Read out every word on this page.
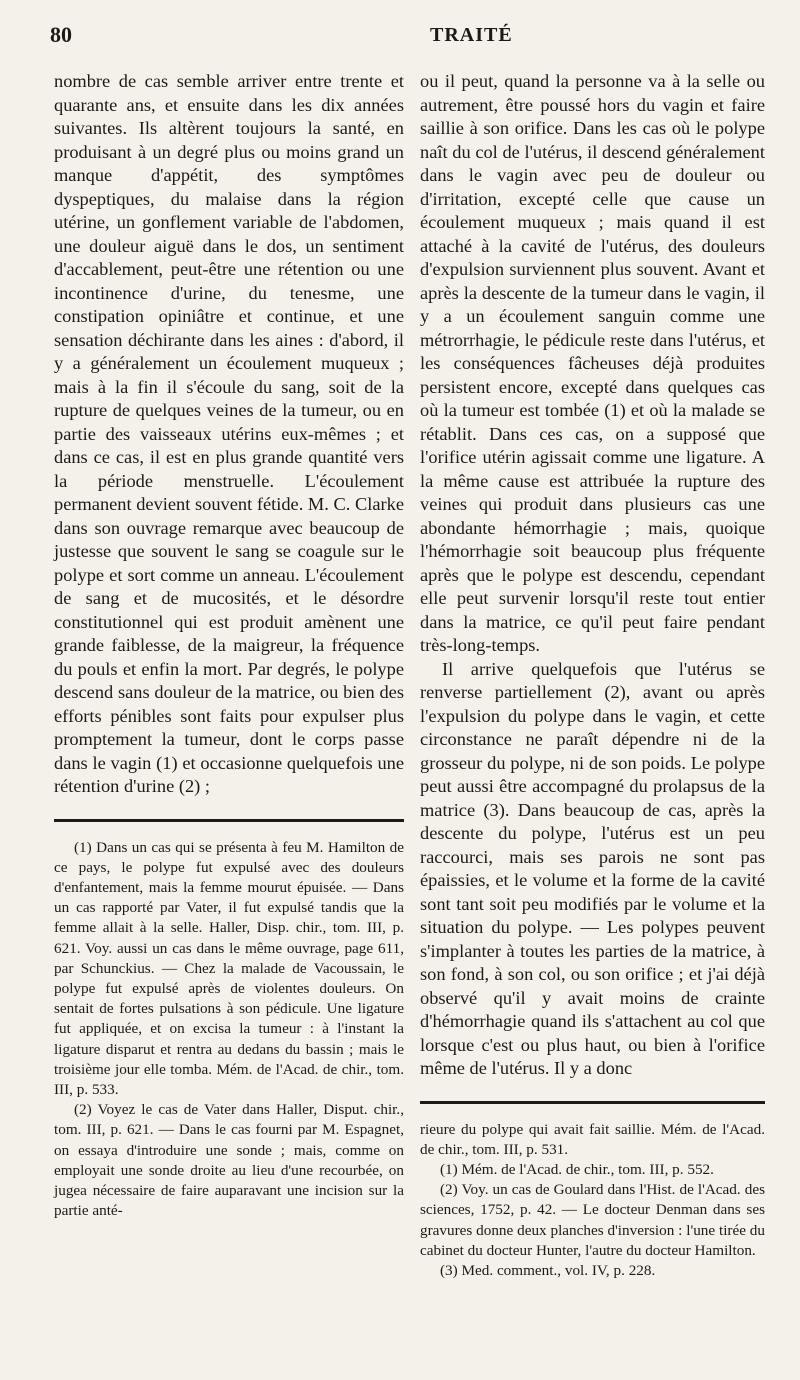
80	TRAITÉ

nombre de cas semble arriver entre trente et quarante ans, et ensuite dans les dix années suivantes. Ils altèrent toujours la santé, en produisant à un degré plus ou moins grand un manque d'appétit, des symptômes dyspeptiques, du malaise dans la région utérine, un gonflement variable de l'abdomen, une douleur aiguë dans le dos, un sentiment d'accablement, peut-être une rétention ou une incontinence d'urine, du tenesme, une constipation opiniâtre et continue, et une sensation déchirante dans les aines : d'abord, il y a généralement un écoulement muqueux ; mais à la fin il s'écoule du sang, soit de la rupture de quelques veines de la tumeur, ou en partie des vaisseaux utérins eux-mêmes ; et dans ce cas, il est en plus grande quantité vers la période menstruelle. L'écoulement permanent devient souvent fétide. M. C. Clarke dans son ouvrage remarque avec beaucoup de justesse que souvent le sang se coagule sur le polype et sort comme un anneau. L'écoulement de sang et de mucosités, et le désordre constitutionnel qui est produit amènent une grande faiblesse, de la maigreur, la fréquence du pouls et enfin la mort. Par degrés, le polype descend sans douleur de la matrice, ou bien des efforts pénibles sont faits pour expulser plus promptement la tumeur, dont le corps passe dans le vagin (1) et occasionne quelquefois une rétention d'urine (2) ;

(1) Dans un cas qui se présenta à feu M. Hamilton de ce pays, le polype fut expulsé avec des douleurs d'enfantement, mais la femme mourut épuisée. — Dans un cas rapporté par Vater, il fut expulsé tandis que la femme allait à la selle. Haller, Disp. chir., tom. III, p. 621. Voy. aussi un cas dans le même ouvrage, page 611, par Schunckius. — Chez la malade de Vacoussain, le polype fut expulsé après de violentes douleurs. On sentait de fortes pulsations à son pédicule. Une ligature fut appliquée, et on excisa la tumeur : à l'instant la ligature disparut et rentra au dedans du bassin ; mais le troisième jour elle tomba. Mém. de l'Acad. de chir., tom. III, p. 533.

(2) Voyez le cas de Vater dans Haller, Disput. chir., tom. III, p. 621. — Dans le cas fourni par M. Espagnet, on essaya d'introduire une sonde ; mais, comme on employait une sonde droite au lieu d'une recourbée, on jugea nécessaire de faire auparavant une incision sur la partie anté-

ou il peut, quand la personne va à la selle ou autrement, être poussé hors du vagin et faire saillie à son orifice. Dans les cas où le polype naît du col de l'utérus, il descend généralement dans le vagin avec peu de douleur ou d'irritation, excepté celle que cause un écoulement muqueux ; mais quand il est attaché à la cavité de l'utérus, des douleurs d'expulsion surviennent plus souvent. Avant et après la descente de la tumeur dans le vagin, il y a un écoulement sanguin comme une métrorrhagie, le pédicule reste dans l'utérus, et les conséquences fâcheuses déjà produites persistent encore, excepté dans quelques cas où la tumeur est tombée (1) et où la malade se rétablit. Dans ces cas, on a supposé que l'orifice utérin agissait comme une ligature. A la même cause est attribuée la rupture des veines qui produit dans plusieurs cas une abondante hémorrhagie ; mais, quoique l'hémorrhagie soit beaucoup plus fréquente après que le polype est descendu, cependant elle peut survenir lorsqu'il reste tout entier dans la matrice, ce qu'il peut faire pendant très-long-temps.

Il arrive quelquefois que l'utérus se renverse partiellement (2), avant ou après l'expulsion du polype dans le vagin, et cette circonstance ne paraît dépendre ni de la grosseur du polype, ni de son poids. Le polype peut aussi être accompagné du prolapsus de la matrice (3). Dans beaucoup de cas, après la descente du polype, l'utérus est un peu raccourci, mais ses parois ne sont pas épaissies, et le volume et la forme de la cavité sont tant soit peu modifiés par le volume et la situation du polype. — Les polypes peuvent s'implanter à toutes les parties de la matrice, à son fond, à son col, ou son orifice ; et j'ai déjà observé qu'il y avait moins de crainte d'hémorrhagie quand ils s'attachent au col que lorsque c'est ou plus haut, ou bien à l'orifice même de l'utérus. Il y a donc

rieure du polype qui avait fait saillie. Mém. de l'Acad. de chir., tom. III, p. 531.

(1) Mém. de l'Acad. de chir., tom. III, p. 552.

(2) Voy. un cas de Goulard dans l'Hist. de l'Acad. des sciences, 1752, p. 42. — Le docteur Denman dans ses gravures donne deux planches d'inversion : l'une tirée du cabinet du docteur Hunter, l'autre du docteur Hamilton.

(3) Med. comment., vol. IV, p. 228.
